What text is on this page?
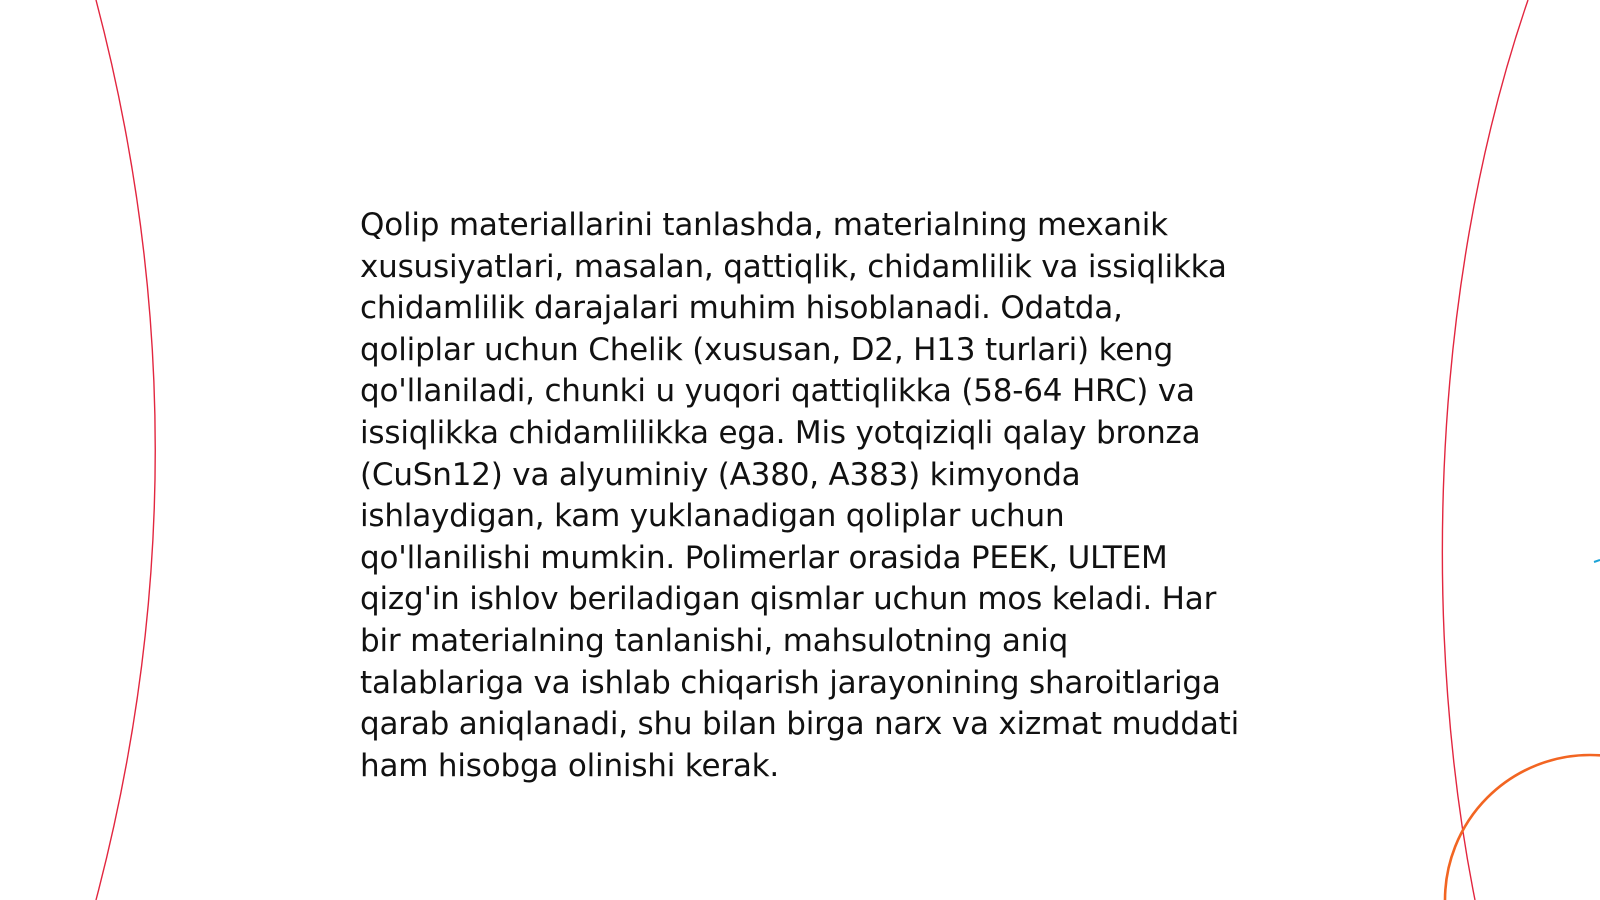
Qolip materiallarini tanlashda, materialning mexanik xususiyatlari, masalan, qattiqlik, chidamlilik va issiqlikka chidamlilik darajalari muhim hisoblanadi. Odatda, qoliplar uchun Chelik (xususan, D2, H13 turlari) keng qo'llaniladi, chunki u yuqori qattiqlikka (58-64 HRC) va issiqlikka chidamlilikka ega. Mis yotqiziqli qalay bronza (CuSn12) va alyuminiy (A380, A383) kimyonda ishlaydigan, kam yuklanadigan qoliplar uchun qo'llanilishi mumkin. Polimerlar orasida PEEK, ULTEM qizg'in ishlov beriladigan qismlar uchun mos keladi. Har bir materialning tanlanishi, mahsulotning aniq talablariga va ishlab chiqarish jarayonining sharoitlariga qarab aniqlanadi, shu bilan birga narx va xizmat muddati ham hisobga olinishi kerak.
